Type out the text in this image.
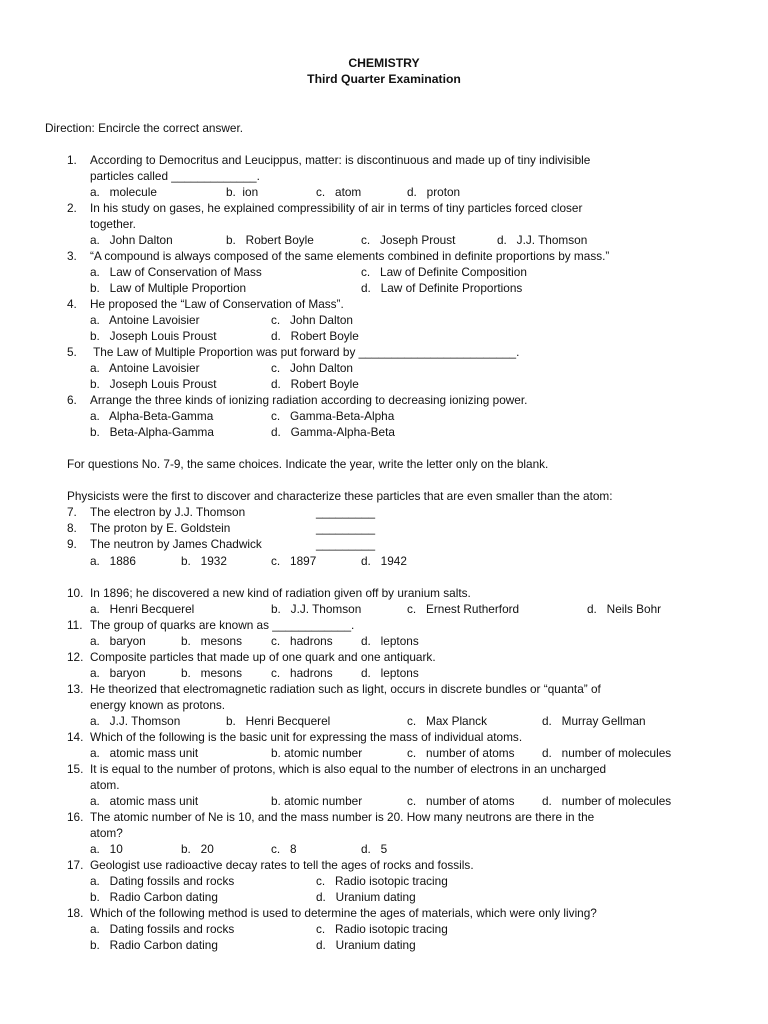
CHEMISTRY
Third Quarter Examination
Direction: Encircle the correct answer.
1. According to Democritus and Leucippus, matter: is discontinuous and made up of tiny indivisible
particles called _____________.
a.   molecule	b.  ion	c.   atom	d.   proton
2. In his study on gases, he explained compressibility of air in terms of tiny particles forced closer
together.
a.   John Dalton	b.   Robert Boyle	c.   Joseph Proust	d.   J.J. Thomson
3. “A compound is always composed of the same elements combined in definite proportions by mass.”
a.   Law of Conservation of Mass	c.   Law of Definite Composition
b.   Law of Multiple Proportion	d.   Law of Definite Proportions
4. He proposed the “Law of Conservation of Mass”.
a.   Antoine Lavoisier	c.   John Dalton
b.   Joseph Louis Proust	d.   Robert Boyle
5. The Law of Multiple Proportion was put forward by ________________________.
a.   Antoine Lavoisier	c.   John Dalton
b.   Joseph Louis Proust	d.   Robert Boyle
6. Arrange the three kinds of ionizing radiation according to decreasing ionizing power.
a.   Alpha-Beta-Gamma	c.   Gamma-Beta-Alpha
b.   Beta-Alpha-Gamma	d.   Gamma-Alpha-Beta
For questions No. 7-9, the same choices. Indicate the year, write the letter only on the blank.
Physicists were the first to discover and characterize these particles that are even smaller than the atom:
7. The electron by J.J. Thomson	_________
8. The proton by E. Goldstein	_________
9. The neutron by James Chadwick	_________
a.   1886	b.   1932	c.   1897	d.   1942
10. In 1896; he discovered a new kind of radiation given off by uranium salts.
a.   Henri Becquerel	b.   J.J. Thomson	c.   Ernest Rutherford	d.   Neils Bohr
11. The group of quarks are known as ____________.
a.   baryon	b.   mesons c.   hadrons d.   leptons
12. Composite particles that made up of one quark and one antiquark.
a.   baryon	b.   mesons c.   hadrons d.   leptons
13. He theorized that electromagnetic radiation such as light, occurs in discrete bundles or “quanta” of
energy known as protons.
a.   J.J. Thomson	b.   Henri Becquerel	c.   Max Planck	d.   Murray Gellman
14. Which of the following is the basic unit for expressing the mass of individual atoms.
a.   atomic mass unit	b. atomic number	c.   number of atoms d.   number of molecules
15. It is equal to the number of protons, which is also equal to the number of electrons in an uncharged
atom.
a.   atomic mass unit	b. atomic number	c.   number of atoms d.   number of molecules
16. The atomic number of Ne is 10, and the mass number is 20. How many neutrons are there in the
atom?
a.   10	b.   20	c.   8	d.   5
17. Geologist use radioactive decay rates to tell the ages of rocks and fossils.
a.   Dating fossils and rocks	c.   Radio isotopic tracing
b.   Radio Carbon dating	d.   Uranium dating
18. Which of the following method is used to determine the ages of materials, which were only living?
a.   Dating fossils and rocks	c.   Radio isotopic tracing
b.   Radio Carbon dating	d.   Uranium dating
